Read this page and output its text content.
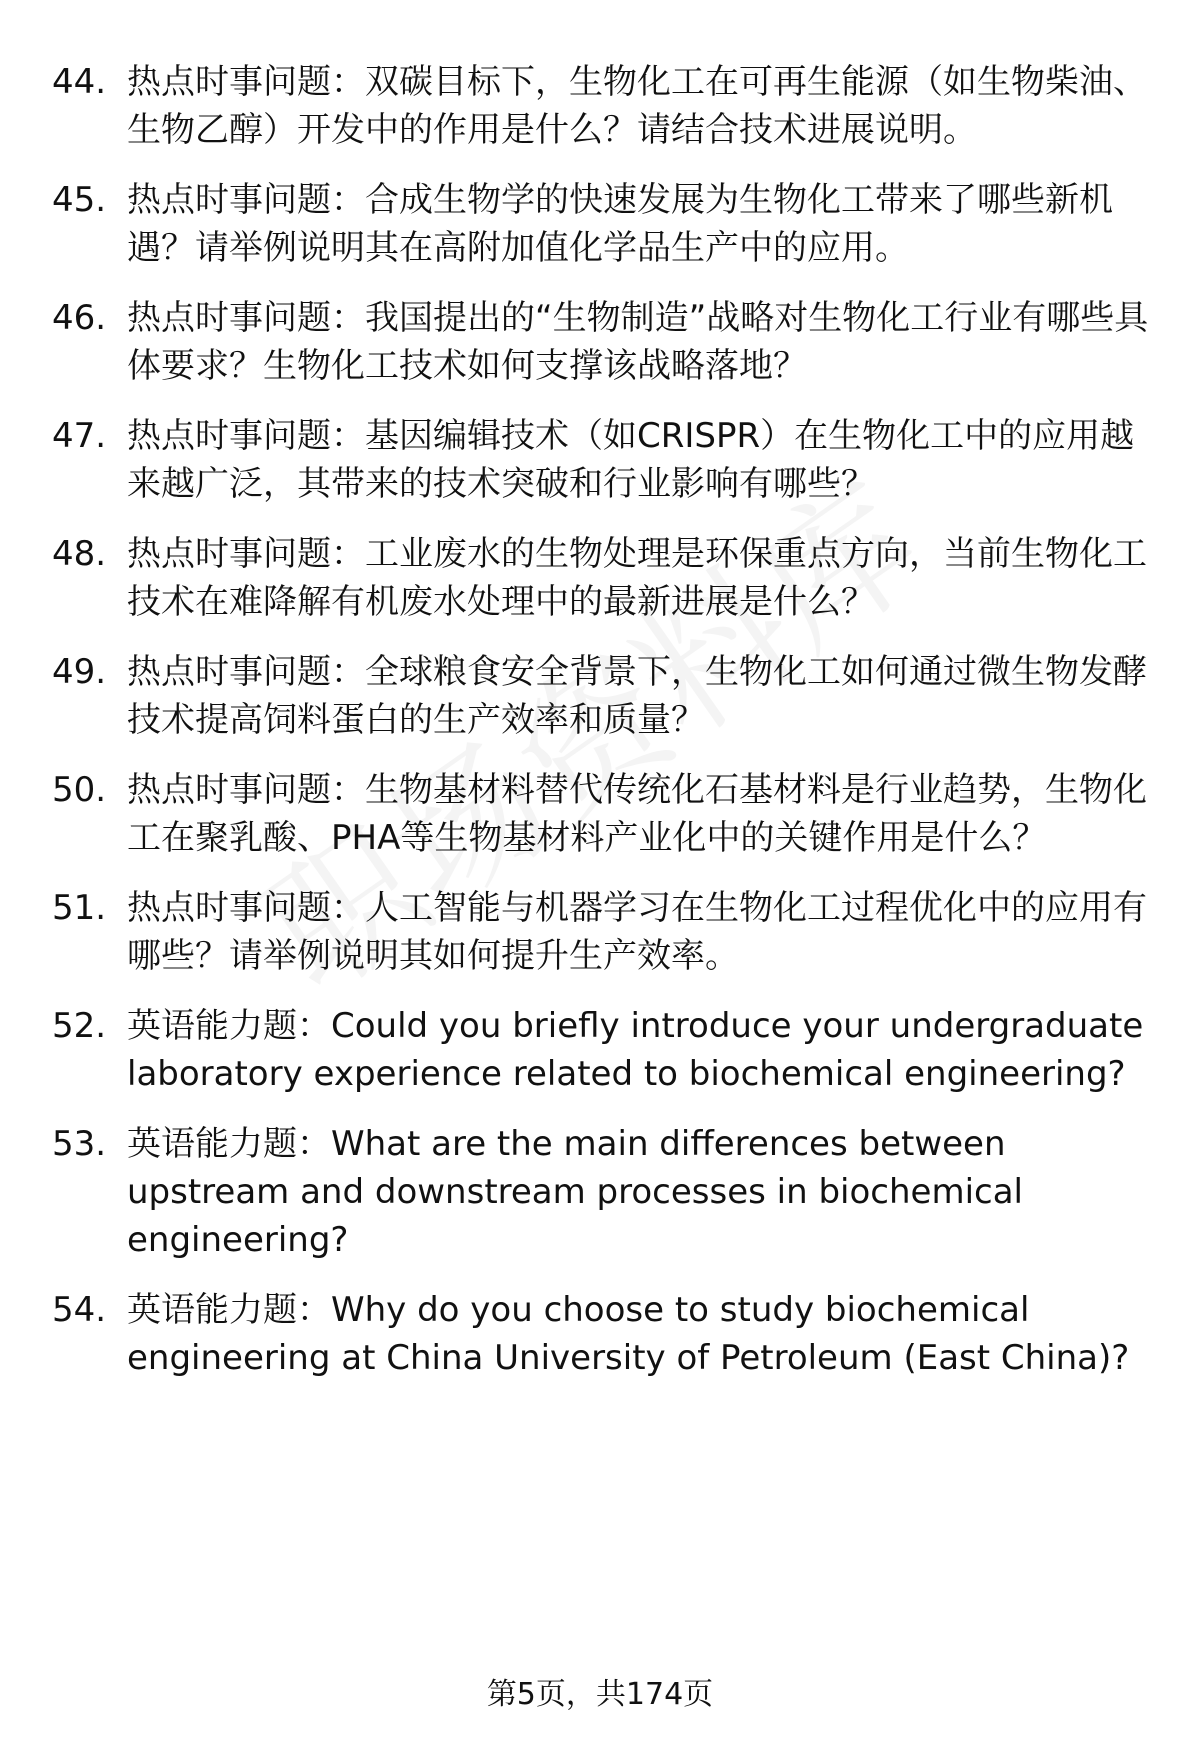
44. 热点时事问题：双碳目标下，生物化工在可再生能源（如生物柴油、生物乙醇）开发中的作用是什么？请结合技术进展说明。
45. 热点时事问题：合成生物学的快速发展为生物化工带来了哪些新机遇？请举例说明其在高附加值化学品生产中的应用。
46. 热点时事问题：我国提出的“生物制造”战略对生物化工行业有哪些具体要求？生物化工技术如何支撑该战略落地？
47. 热点时事问题：基因编辑技术（如CRISPR）在生物化工中的应用越来越广泛，其带来的技术突破和行业影响有哪些？
48. 热点时事问题：工业废水的生物处理是环保重点方向，当前生物化工技术在难降解有机废水处理中的最新进展是什么？
49. 热点时事问题：全球粮食安全背景下，生物化工如何通过微生物发酵技术提高饲料蛋白的生产效率和质量？
50. 热点时事问题：生物基材料替代传统化石基材料是行业趋势，生物化工在聚乳酸、PHA等生物基材料产业化中的关键作用是什么？
51. 热点时事问题：人工智能与机器学习在生物化工过程优化中的应用有哪些？请举例说明其如何提升生产效率。
52. 英语能力题：Could you briefly introduce your undergraduate laboratory experience related to biochemical engineering?
53. 英语能力题：What are the main differences between upstream and downstream processes in biochemical engineering?
54. 英语能力题：Why do you choose to study biochemical engineering at China University of Petroleum (East China)?
第5页，共174页
